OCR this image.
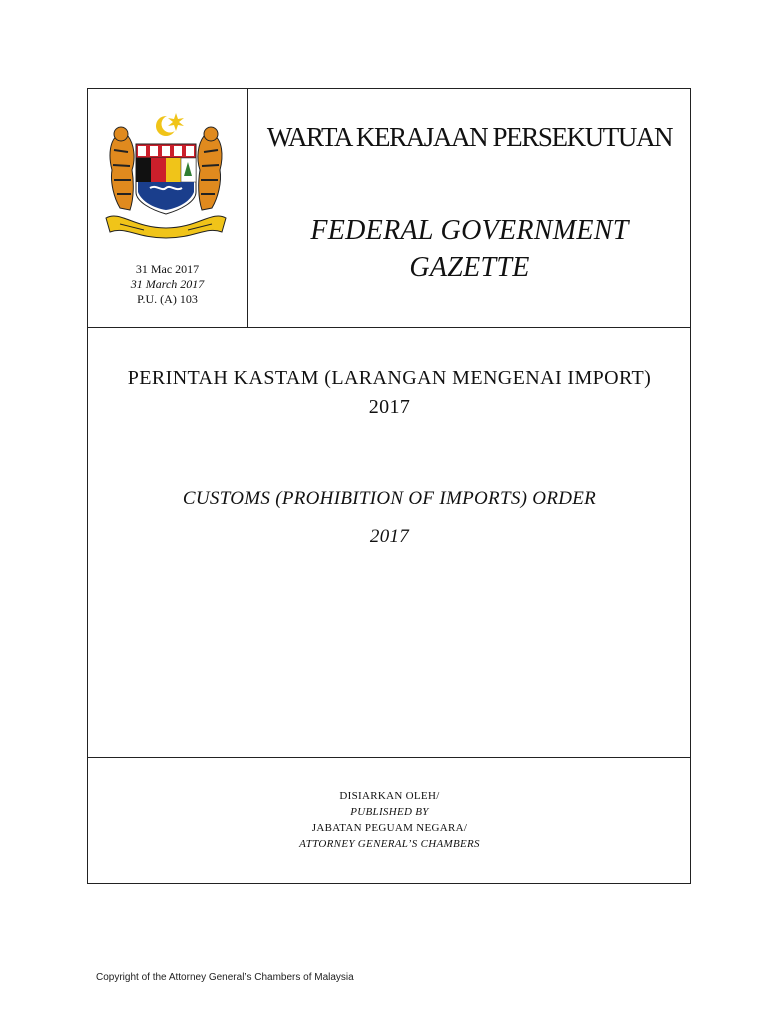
31 Mac 2017
31 March 2017
P.U. (A) 103
WARTA KERAJAAN PERSEKUTUAN
FEDERAL GOVERNMENT
GAZETTE
PERINTAH KASTAM (LARANGAN MENGENAI IMPORT)
2017
CUSTOMS (PROHIBITION OF IMPORTS) ORDER
2017
DISIARKAN OLEH/
PUBLISHED BY
JABATAN PEGUAM NEGARA/
ATTORNEY GENERAL’S CHAMBERS
Copyright of the Attorney General’s Chambers of Malaysia
